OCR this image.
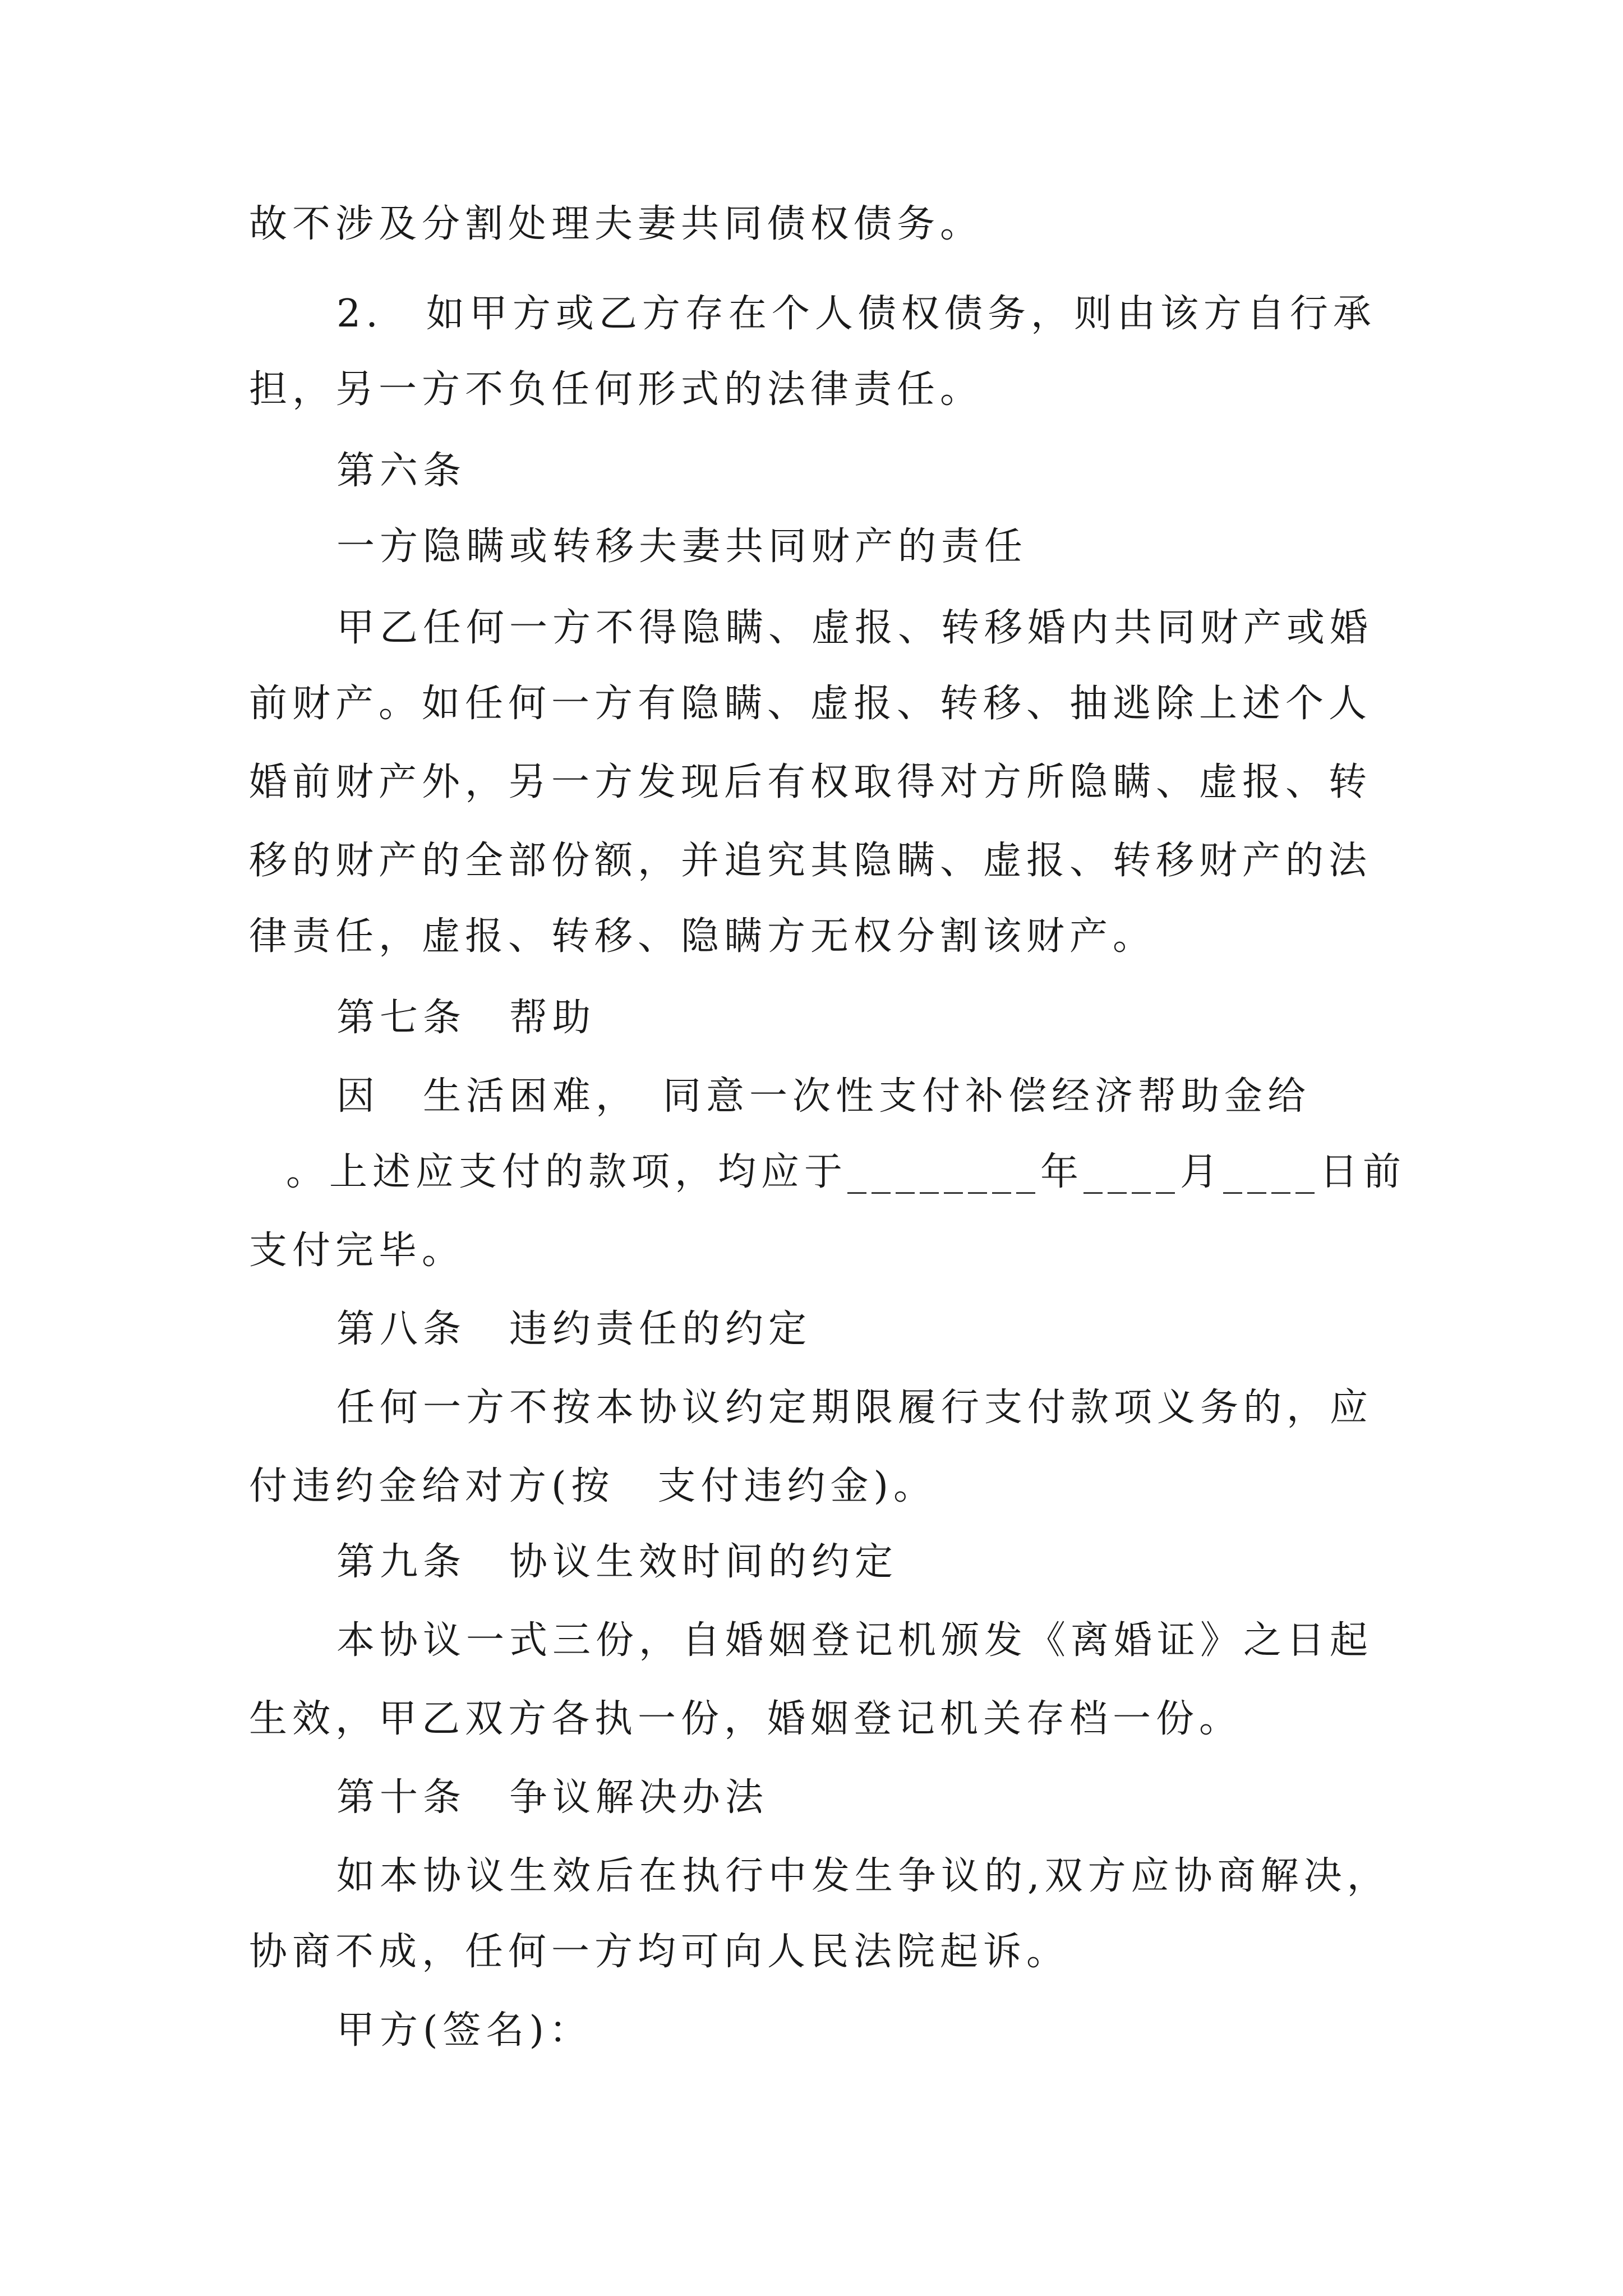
故不涉及分割处理夫妻共同债权债务。

2.　如甲方或乙方存在个人债权债务，则由该方自行承

担，另一方不负任何形式的法律责任。

第六条

一方隐瞒或转移夫妻共同财产的责任

甲乙任何一方不得隐瞒、虚报、转移婚内共同财产或婚

前财产。如任何一方有隐瞒、虚报、转移、抽逃除上述个人

婚前财产外，另一方发现后有权取得对方所隐瞒、虚报、转

移的财产的全部份额，并追究其隐瞒、虚报、转移财产的法

律责任，虚报、转移、隐瞒方无权分割该财产。

第七条　帮助

因　生活困难，　同意一次性支付补偿经济帮助金给

。上述应支付的款项，均应于________年____月____日前

支付完毕。

第八条　违约责任的约定

任何一方不按本协议约定期限履行支付款项义务的，应

付违约金给对方(按　支付违约金)。

第九条　协议生效时间的约定

本协议一式三份，自婚姻登记机颁发《离婚证》之日起

生效，甲乙双方各执一份，婚姻登记机关存档一份。

第十条　争议解决办法

如本协议生效后在执行中发生争议的,双方应协商解决，

协商不成，任何一方均可向人民法院起诉。

甲方(签名)：
